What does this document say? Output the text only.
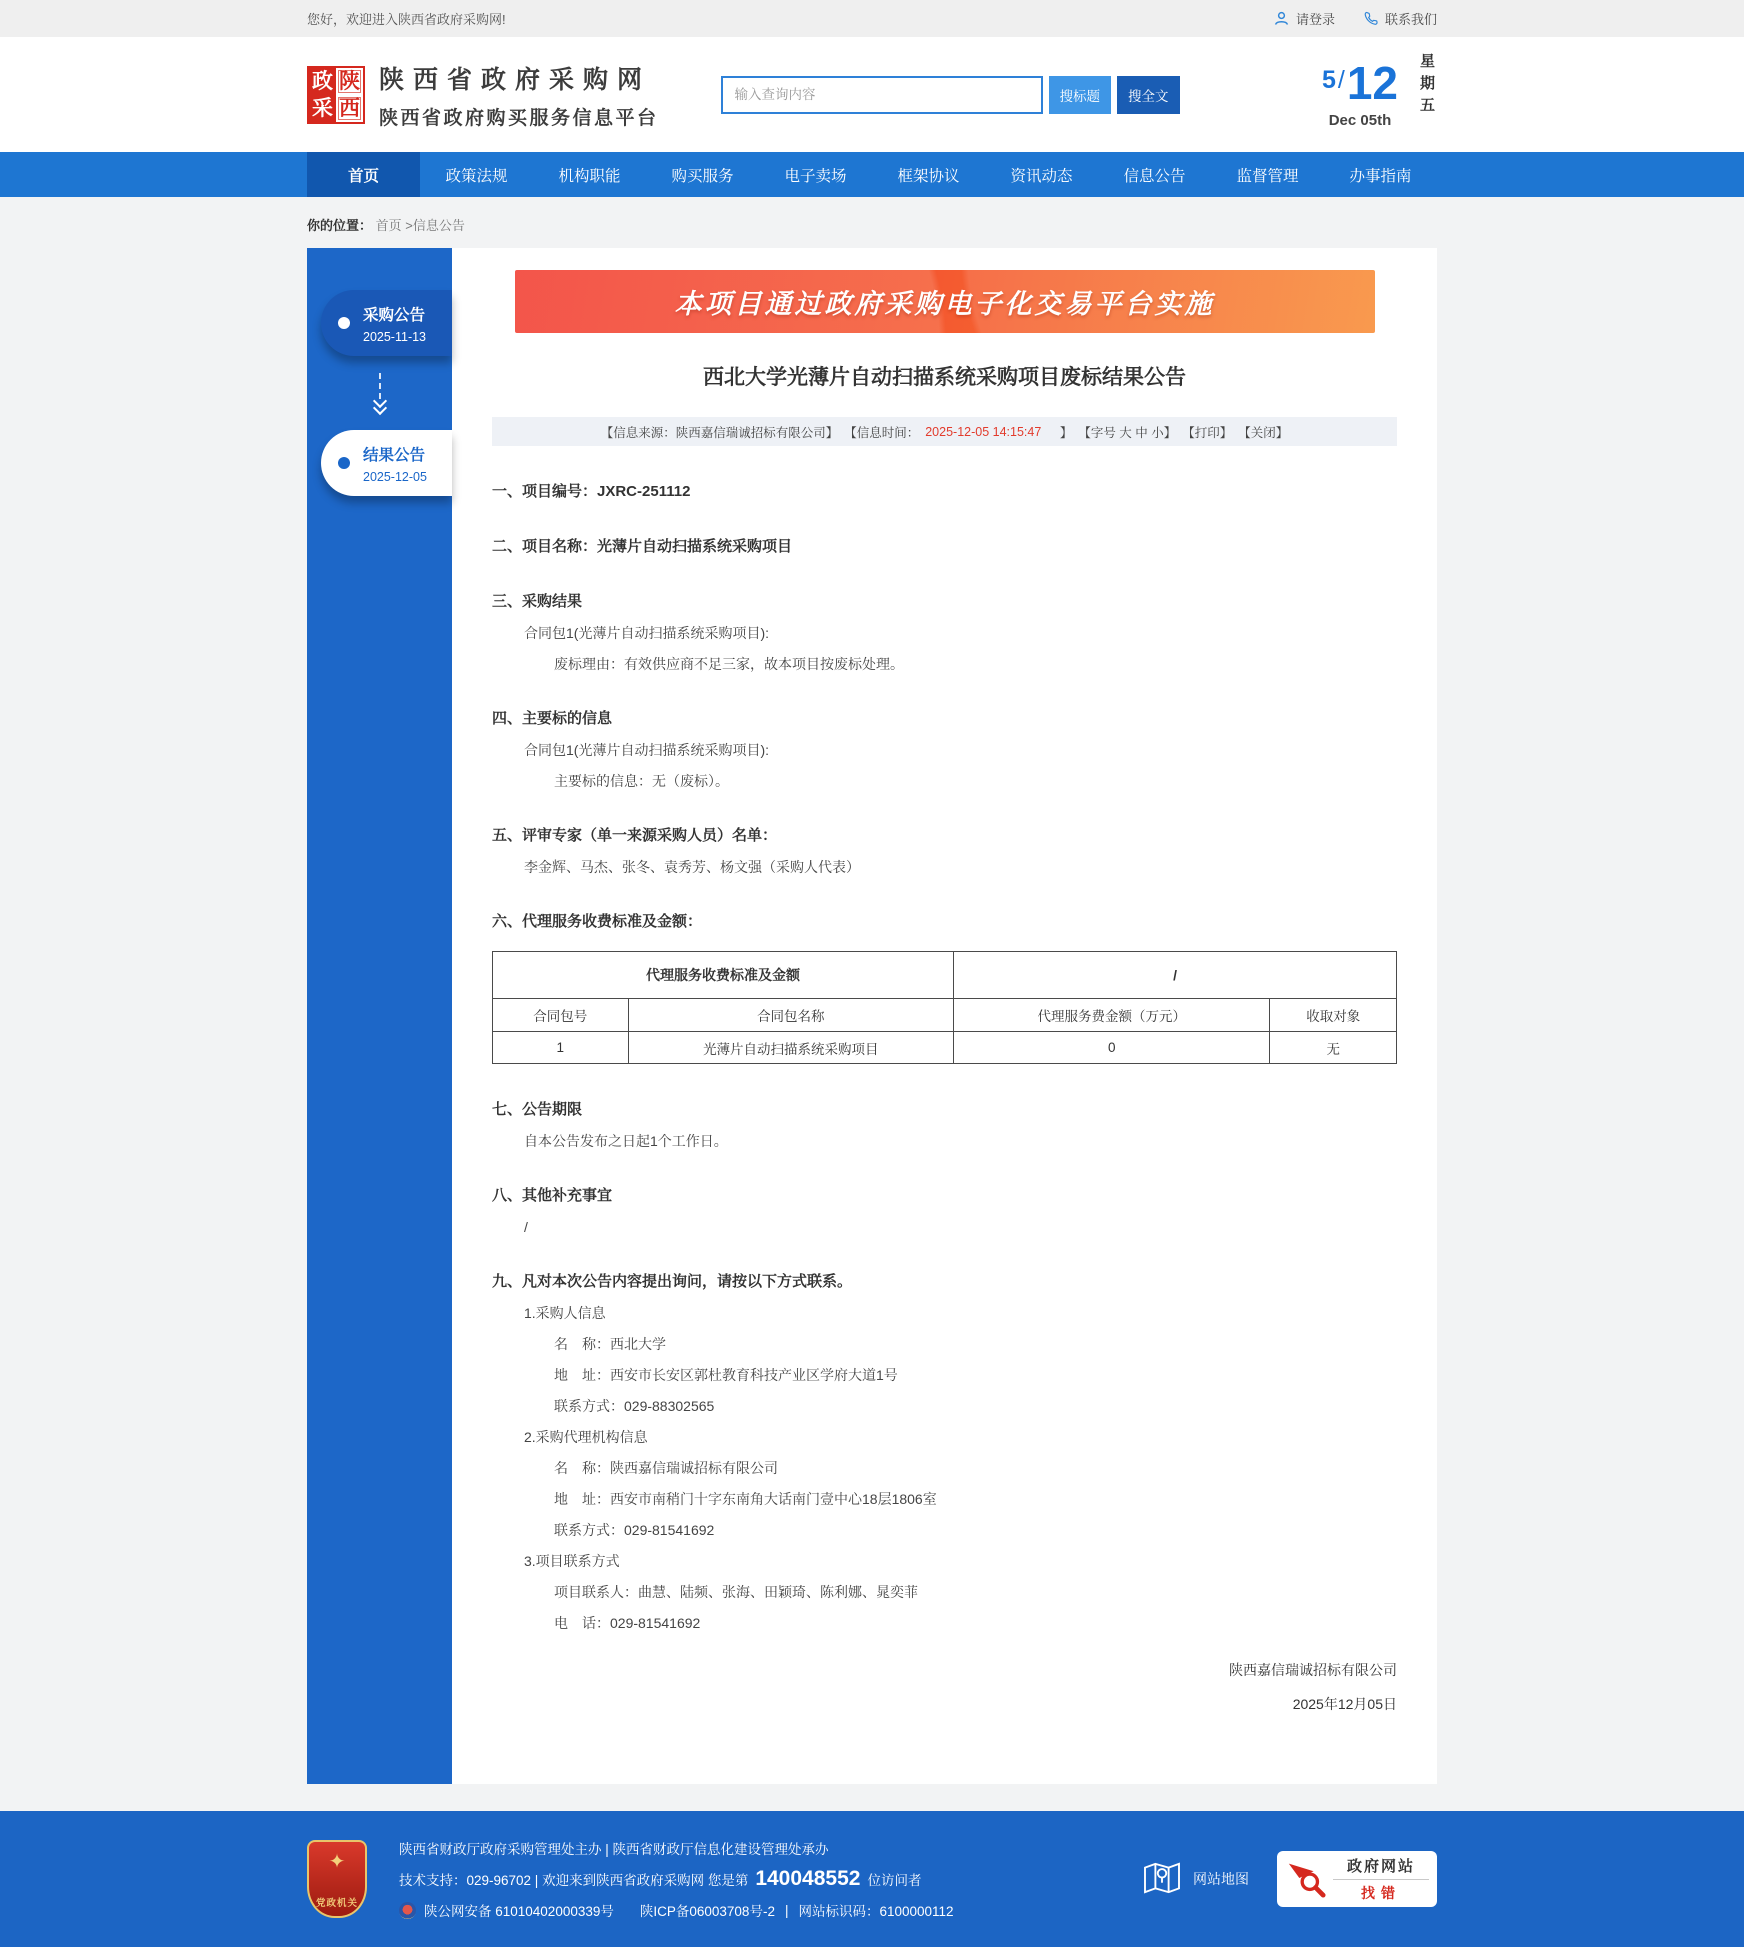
您好，欢迎进入陕西省政府采购网!	请登录	联系我们
政 陕
采 西
陕西省政府采购网
陕西省政府购买服务信息平台
输入查询内容
搜标题	搜全文
5 / 12
Dec 05th
星期五
首页	政策法规	机构职能	购买服务	电子卖场	框架协议	资讯动态	信息公告	监督管理	办事指南
你的位置： 首页 >信息公告
采购公告
2025-11-13
结果公告
2025-12-05
本项目通过政府采购电子化交易平台实施
西北大学光薄片自动扫描系统采购项目废标结果公告
【信息来源：陕西嘉信瑞诚招标有限公司】 【信息时间： 2025-12-05 14:15:47 　】 【字号 大 中 小】 【打印】 【关闭】
一、项目编号：JXRC-251112
二、项目名称：光薄片自动扫描系统采购项目
三、采购结果

合同包1(光薄片自动扫描系统采购项目):

废标理由：有效供应商不足三家，故本项目按废标处理。

四、主要标的信息

合同包1(光薄片自动扫描系统采购项目):

主要标的信息：无（废标）。

五、评审专家（单一来源采购人员）名单：

李金辉、马杰、张冬、袁秀芳、杨文强（采购人代表）

六、代理服务收费标准及金额：
代理服务收费标准及金额		/	
合同包号	合同包名称	代理服务费金额（万元）	收取对象
1	光薄片自动扫描系统采购项目	0	无
七、公告期限

自本公告发布之日起1个工作日。

八、其他补充事宜

/

九、凡对本次公告内容提出询问，请按以下方式联系。

1.采购人信息

名　称：西北大学

地　址：西安市长安区郭杜教育科技产业区学府大道1号

联系方式：029-88302565

2.采购代理机构信息

名　称：陕西嘉信瑞诚招标有限公司

地　址：西安市南稍门十字东南角大话南门壹中心18层1806室

联系方式：029-81541692

3.项目联系方式

项目联系人：曲慧、陆频、张海、田颖琦、陈利娜、晁奕菲

电　话：029-81541692

陕西嘉信瑞诚招标有限公司
2025年12月05日
✦
党政机关
陕西省财政厅政府采购管理处主办 | 陕西省财政厅信息化建设管理处承办
技术支持：029-96702 | 欢迎来到陕西省政府采购网 您是第 140048552 位访问者
陕公网安备 61010402000339号 陕ICP备06003708号-2 | 网站标识码：6100000112
网站地图
政府网站
找错
